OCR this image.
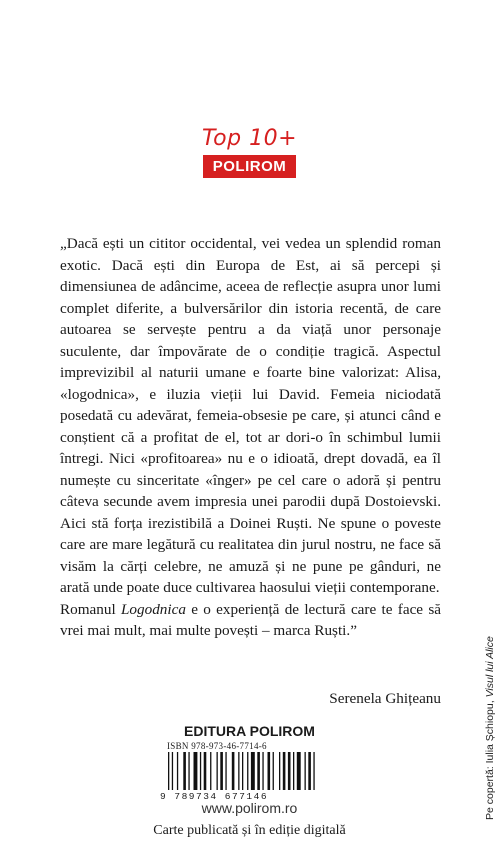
Top 10+
POLIROM

„Dacă ești un cititor occidental, vei vedea un splendid roman exotic. Dacă ești din Europa de Est, ai să percepi și dimensiunea de adâncime, aceea de reflecție asupra unor lumi complet diferite, a bulversărilor din istoria recentă, de care autoarea se servește pentru a da viață unor personaje suculente, dar împovărate de o condiție tragică. Aspectul imprevizibil al naturii umane e foarte bine valorizat: Alisa, «logodnica», e iluzia vieții lui David. Femeia niciodată posedată cu adevărat, femeia-obsesie pe care, și atunci când e conștient că a profitat de el, tot ar dori-o în schimbul lumii întregi. Nici «profitoarea» nu e o idioată, drept dovadă, ea îl numește cu sinceritate «înger» pe cel care o adoră și pentru câteva secunde avem impresia unei parodii după Dostoievski. Aici stă forța irezistibilă a Doinei Ruști. Ne spune o poveste care are mare legătură cu realitatea din jurul nostru, ne face să visăm la cărți celebre, ne amuză și ne pune pe gânduri, ne arată unde poate duce cultivarea haosului vieții contemporane.

Romanul Logodnica e o experiență de lectură care te face să vrei mai mult, mai multe povești – marca Ruști.”

Serenela Ghițeanu
EDITURA POLIROM
ISBN 978-973-46-7714-6
9 789734 677146
www.polirom.ro
Carte publicată și în ediție digitală
Pe copertă: Iulia Șchiopu, Visul lui Alice
